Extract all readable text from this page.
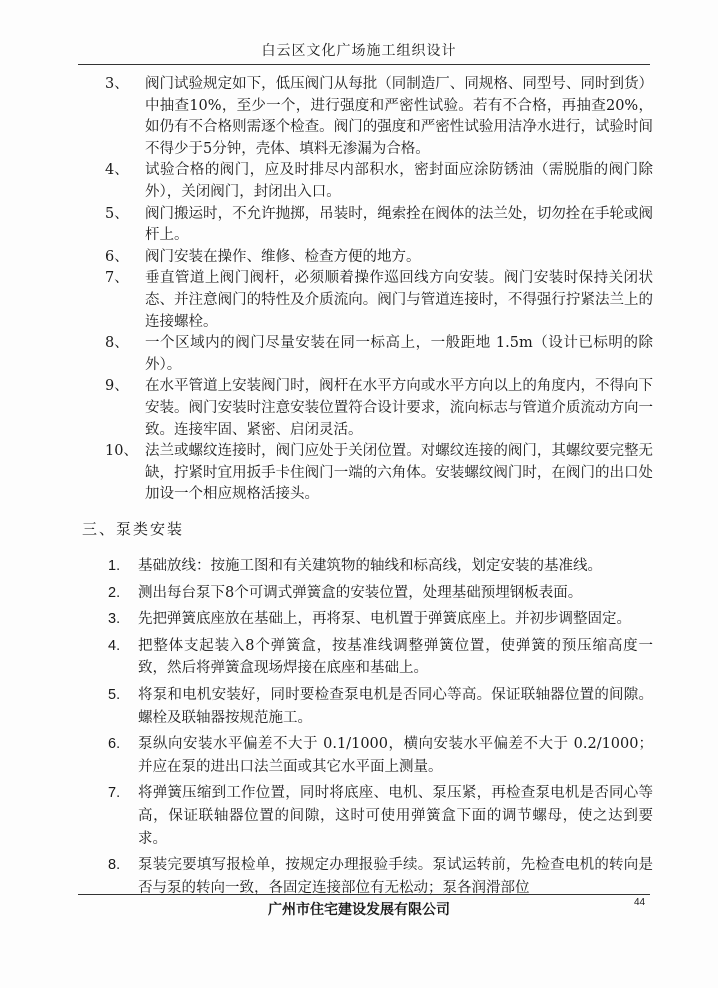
白云区文化广场施工组织设计
3、	阀门试验规定如下，低压阀门从每批（同制造厂、同规格、同型号、同时到货）中抽查10%，至少一个，进行强度和严密性试验。若有不合格，再抽查20%，如仍有不合格则需逐个检查。阀门的强度和严密性试验用洁净水进行，试验时间不得少于5分钟，壳体、填料无渗漏为合格。
4、	试验合格的阀门，应及时排尽内部积水，密封面应涂防锈油（需脱脂的阀门除外），关闭阀门，封闭出入口。
5、	阀门搬运时，不允许抛掷，吊装时，绳索拴在阀体的法兰处，切勿拴在手轮或阀杆上。
6、	阀门安装在操作、维修、检查方便的地方。
7、	垂直管道上阀门阀杆，必须顺着操作巡回线方向安装。阀门安装时保持关闭状态、并注意阀门的特性及介质流向。阀门与管道连接时，不得强行拧紧法兰上的连接螺栓。
8、	一个区域内的阀门尽量安装在同一标高上，一般距地 1.5m（设计已标明的除外）。
9、	在水平管道上安装阀门时，阀杆在水平方向或水平方向以上的角度内，不得向下安装。阀门安装时注意安装位置符合设计要求，流向标志与管道介质流动方向一致。连接牢固、紧密、启闭灵活。
10、 法兰或螺纹连接时，阀门应处于关闭位置。对螺纹连接的阀门，其螺纹要完整无缺，拧紧时宜用扳手卡住阀门一端的六角体。安装螺纹阀门时，在阀门的出口处加设一个相应规格活接头。
三、泵类安装
1.	基础放线：按施工图和有关建筑物的轴线和标高线，划定安装的基准线。
2.	测出每台泵下8个可调式弹簧盒的安装位置，处理基础预埋钢板表面。
3.	先把弹簧底座放在基础上，再将泵、电机置于弹簧底座上。并初步调整固定。
4.	把整体支起装入8个弹簧盒，按基准线调整弹簧位置，使弹簧的预压缩高度一致，然后将弹簧盒现场焊接在底座和基础上。
5.	将泵和电机安装好，同时要检查泵电机是否同心等高。保证联轴器位置的间隙。螺栓及联轴器按规范施工。
6.	泵纵向安装水平偏差不大于 0.1/1000，横向安装水平偏差不大于 0.2/1000；并应在泵的进出口法兰面或其它水平面上测量。
7.	将弹簧压缩到工作位置，同时将底座、电机、泵压紧，再检查泵电机是否同心等高，保证联轴器位置的间隙，这时可使用弹簧盒下面的调节螺母，使之达到要求。
8.	泵装完要填写报检单，按规定办理报验手续。泵试运转前，先检查电机的转向是否与泵的转向一致，各固定连接部位有无松动；泵各润滑部位
广州市住宅建设发展有限公司	44
